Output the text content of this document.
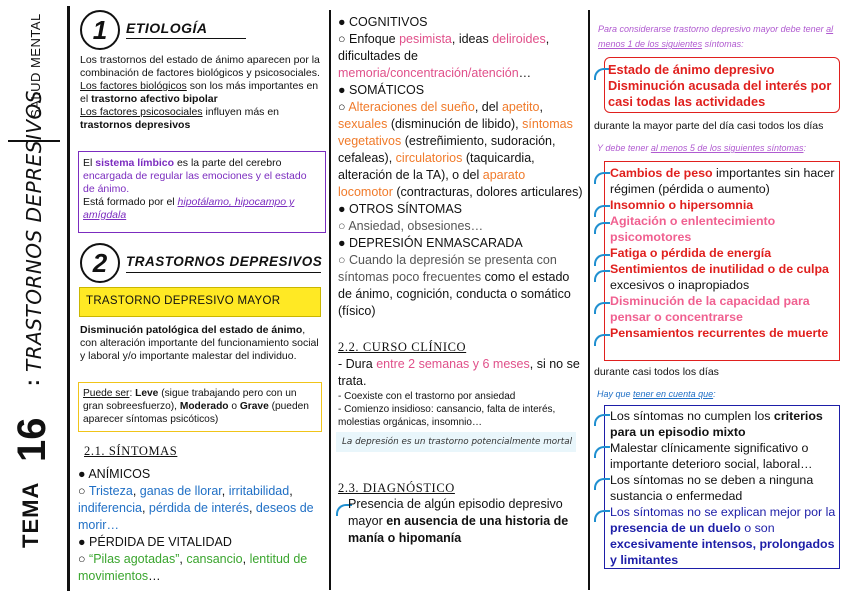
SALUD MENTAL
TRASTORNOS DEPRESIVOS
TEMA
16
:
1	ETIOLOGÍA
Los trastornos del estado de ánimo aparecen por la combinación de factores biológicos y psicosociales.
Los factores biológicos son los más importantes en el trastorno afectivo bipolar
Los factores psicosociales influyen más en trastornos depresivos
El sistema límbico es la parte del cerebro encargada de regular las emociones y el estado de ánimo.
Está formado por el hipotálamo, hipocampo y amígdala
2	TRASTORNOS DEPRESIVOS
TRASTORNO DEPRESIVO MAYOR
Disminución patológica del estado de ánimo, con alteración importante del funcionamiento social y laboral y/o importante malestar del individuo.
Puede ser: Leve (sigue trabajando pero con un gran sobreesfuerzo), Moderado o Grave (pueden aparecer síntomas psicóticos)
2.1. SÍNTOMAS
● ANÍMICOS
○ Tristeza, ganas de llorar, irritabilidad, indiferencia, pérdida de interés, deseos de morir…
● PÉRDIDA DE VITALIDAD
○ “Pilas agotadas”, cansancio, lentitud de movimientos…
● COGNITIVOS
○ Enfoque pesimista, ideas deliroides, dificultades de memoria/concentración/atención…
● SOMÁTICOS
○ Alteraciones del sueño, del apetito, sexuales (disminución de libido), síntomas vegetativos (estreñimiento, sudoración, cefaleas), circulatorios (taquicardia, alteración de la TA), o del aparato locomotor (contracturas, dolores articulares)
● OTROS SÍNTOMAS
○ Ansiedad, obsesiones…
● DEPRESIÓN ENMASCARADA
○ Cuando la depresión se presenta con síntomas poco frecuentes como el estado de ánimo, cognición, conducta o somático (físico)
2.2. CURSO CLÍNICO
- Dura entre 2 semanas y 6 meses, si no se trata.
- Coexiste con el trastorno por ansiedad
- Comienzo insidioso: cansancio, falta de interés, molestias orgánicas, insomnio…
La depresión es un trastorno potencialmente mortal
2.3. DIAGNÓSTICO
Presencia de algún episodio depresivo mayor en ausencia de una historia de manía o hipomanía
Para considerarse trastorno depresivo mayor debe tener al menos 1 de los siguientes síntomas:
Estado de ánimo depresivo
Disminución acusada del interés por casi todas las actividades
durante la mayor parte del día casi todos los días
Y debe tener al menos 5 de los siguientes síntomas:
Cambios de peso importantes sin hacer régimen (pérdida o aumento)
Insomnio o hipersomnia
Agitación o enlentecimiento psicomotores
Fatiga o pérdida de energía
Sentimientos de inutilidad o de culpa excesivos o inapropiados
Disminución de la capacidad para pensar o concentrarse
Pensamientos recurrentes de muerte
durante casi todos los días
Hay que tener en cuenta que:
Los síntomas no cumplen los criterios para un episodio mixto
Malestar clínicamente significativo o importante deterioro social, laboral…
Los síntomas no se deben a ninguna sustancia o enfermedad
Los síntomas no se explican mejor por la presencia de un duelo o son excesivamente intensos, prolongados y limitantes
